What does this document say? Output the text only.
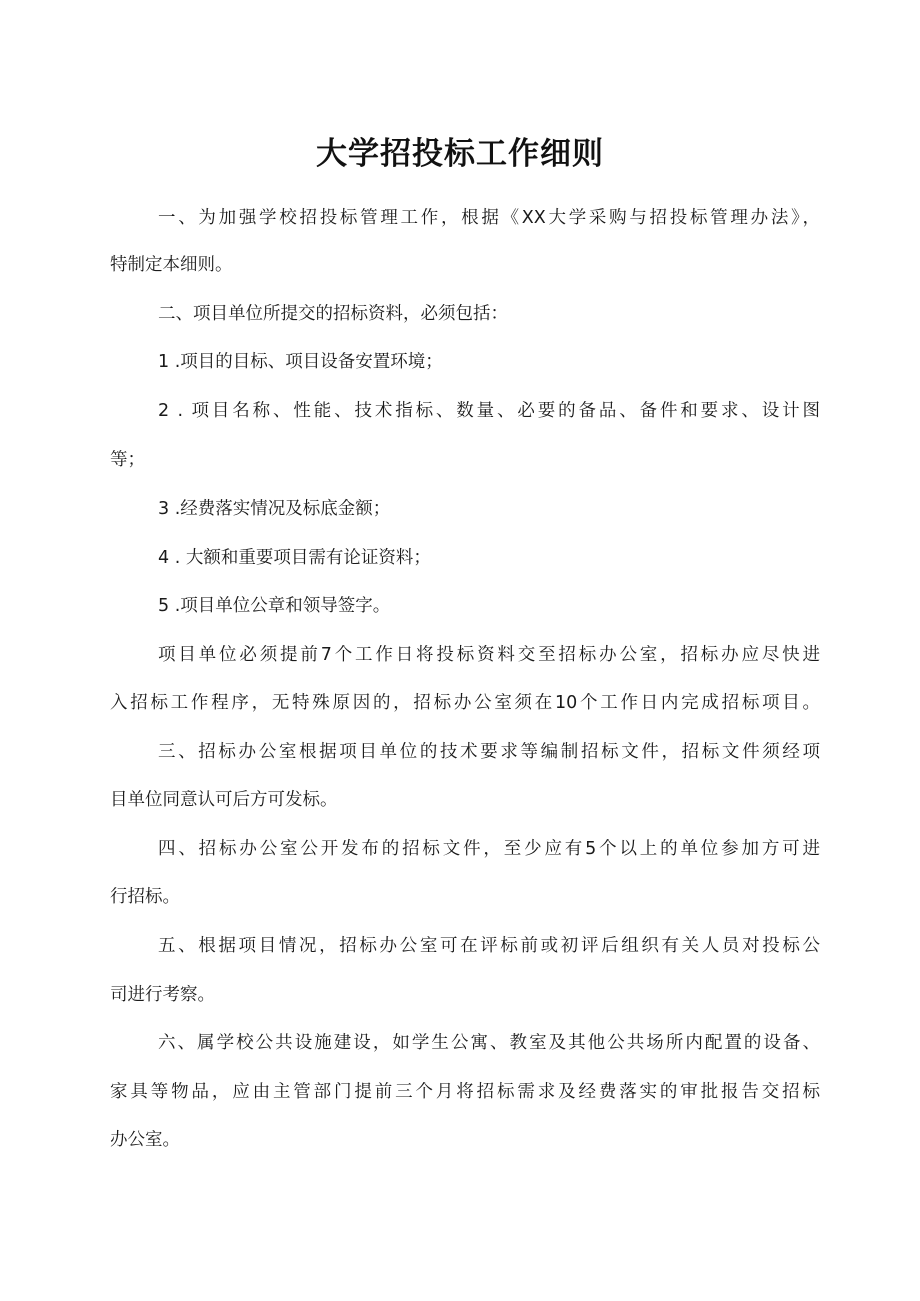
大学招投标工作细则
一、为加强学校招投标管理工作，根据《XX大学采购与招投标管理办法》，
特制定本细则。
二、项目单位所提交的招标资料，必须包括：
1 .项目的目标、项目设备安置环境；
2 . 项目名称、性能、技术指标、数量、必要的备品、备件和要求、设计图
等；
3 .经费落实情况及标底金额；
4 . 大额和重要项目需有论证资料；
5 .项目单位公章和领导签字。
项目单位必须提前7个工作日将投标资料交至招标办公室，招标办应尽快进
入招标工作程序，无特殊原因的，招标办公室须在10个工作日内完成招标项目。
三、招标办公室根据项目单位的技术要求等编制招标文件，招标文件须经项
目单位同意认可后方可发标。
四、招标办公室公开发布的招标文件，至少应有5个以上的单位参加方可进
行招标。
五、根据项目情况，招标办公室可在评标前或初评后组织有关人员对投标公
司进行考察。
六、属学校公共设施建设，如学生公寓、教室及其他公共场所内配置的设备、
家具等物品，应由主管部门提前三个月将招标需求及经费落实的审批报告交招标
办公室。
